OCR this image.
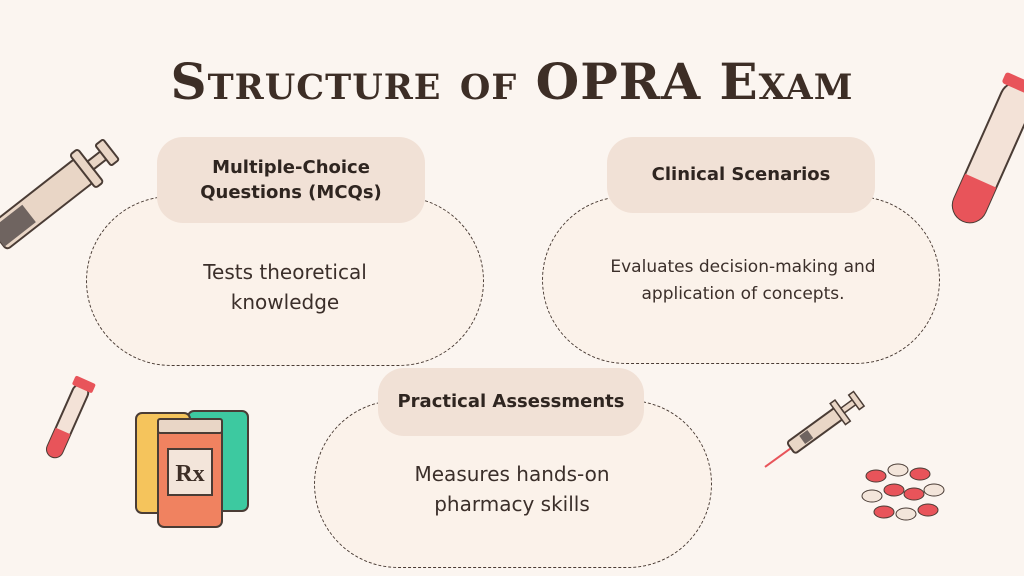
Structure of OPRA Exam
Multiple-Choice Questions (MCQs)
Tests theoretical knowledge
Clinical Scenarios
Evaluates decision-making and application of concepts.
Practical Assessments
Measures hands-on pharmacy skills
Rx
